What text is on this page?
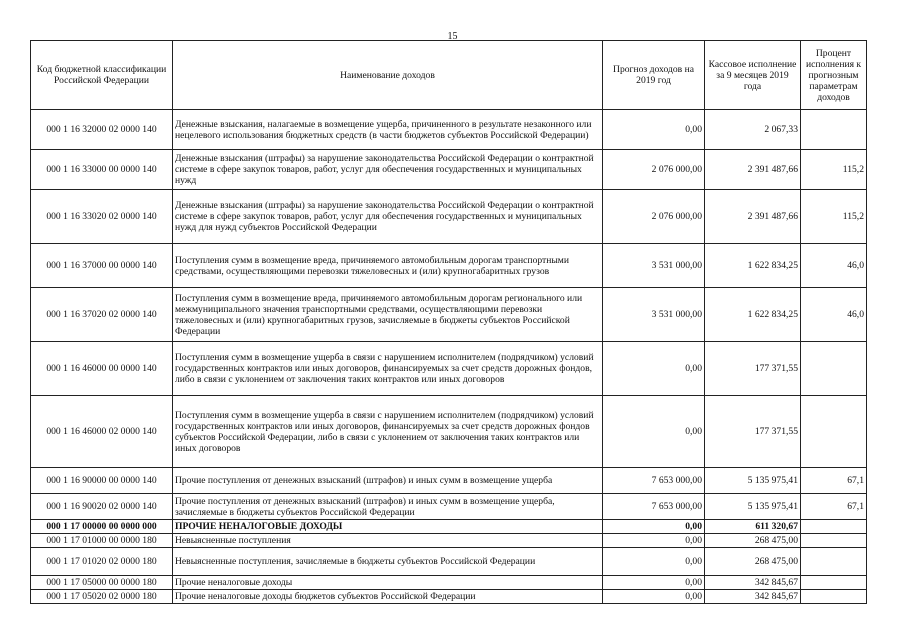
15
Код бюджетной классификации Российской Федерации	Наименование доходов	Прогноз доходов на 2019 год	Кассовое исполнение за 9 месяцев 2019 года	Процент исполнения к прогнозным параметрам доходов
000 1 16 32000 02 0000 140	Денежные взыскания, налагаемые в возмещение ущерба, причиненного в результате незаконного или нецелевого использования бюджетных средств (в части бюджетов субъектов Российской Федерации)	0,00	2 067,33	
000 1 16 33000 00 0000 140	Денежные взыскания (штрафы) за нарушение законодательства Российской Федерации о контрактной системе в сфере закупок товаров, работ, услуг для обеспечения государственных и муниципальных нужд	2 076 000,00	2 391 487,66	115,2
000 1 16 33020 02 0000 140	Денежные взыскания (штрафы) за нарушение законодательства Российской Федерации о контрактной системе в сфере закупок товаров, работ, услуг для обеспечения государственных и муниципальных нужд для нужд субъектов Российской Федерации	2 076 000,00	2 391 487,66	115,2
000 1 16 37000 00 0000 140	Поступления сумм в возмещение вреда, причиняемого автомобильным дорогам транспортными средствами, осуществляющими перевозки тяжеловесных и (или) крупногабаритных грузов	3 531 000,00	1 622 834,25	46,0
000 1 16 37020 02 0000 140	Поступления сумм в возмещение вреда, причиняемого автомобильным дорогам регионального или межмуниципального значения транспортными средствами, осуществляющими перевозки тяжеловесных и (или) крупногабаритных грузов, зачисляемые в бюджеты субъектов Российской Федерации	3 531 000,00	1 622 834,25	46,0
000 1 16 46000 00 0000 140	Поступления сумм в возмещение ущерба в связи с нарушением исполнителем (подрядчиком) условий государственных контрактов или иных договоров, финансируемых за счет средств дорожных фондов, либо в связи с уклонением от заключения таких контрактов или иных договоров	0,00	177 371,55	
000 1 16 46000 02 0000 140	Поступления сумм в возмещение ущерба в связи с нарушением исполнителем (подрядчиком) условий государственных контрактов или иных договоров, финансируемых за счет средств дорожных фондов субъектов Российской Федерации, либо в связи с уклонением от заключения таких контрактов или иных договоров	0,00	177 371,55	
000 1 16 90000 00 0000 140	Прочие поступления от денежных взысканий (штрафов) и иных сумм в возмещение ущерба	7 653 000,00	5 135 975,41	67,1
000 1 16 90020 02 0000 140	Прочие поступления от денежных взысканий (штрафов) и иных сумм в возмещение ущерба, зачисляемые в бюджеты субъектов Российской Федерации	7 653 000,00	5 135 975,41	67,1
000 1 17 00000 00 0000 000	ПРОЧИЕ НЕНАЛОГОВЫЕ ДОХОДЫ	0,00	611 320,67	
000 1 17 01000 00 0000 180	Невыясненные поступления	0,00	268 475,00	
000 1 17 01020 02 0000 180	Невыясненные поступления, зачисляемые в бюджеты субъектов Российской Федерации	0,00	268 475,00	
000 1 17 05000 00 0000 180	Прочие неналоговые доходы	0,00	342 845,67	
000 1 17 05020 02 0000 180	Прочие неналоговые доходы бюджетов субъектов Российской Федерации	0,00	342 845,67	
